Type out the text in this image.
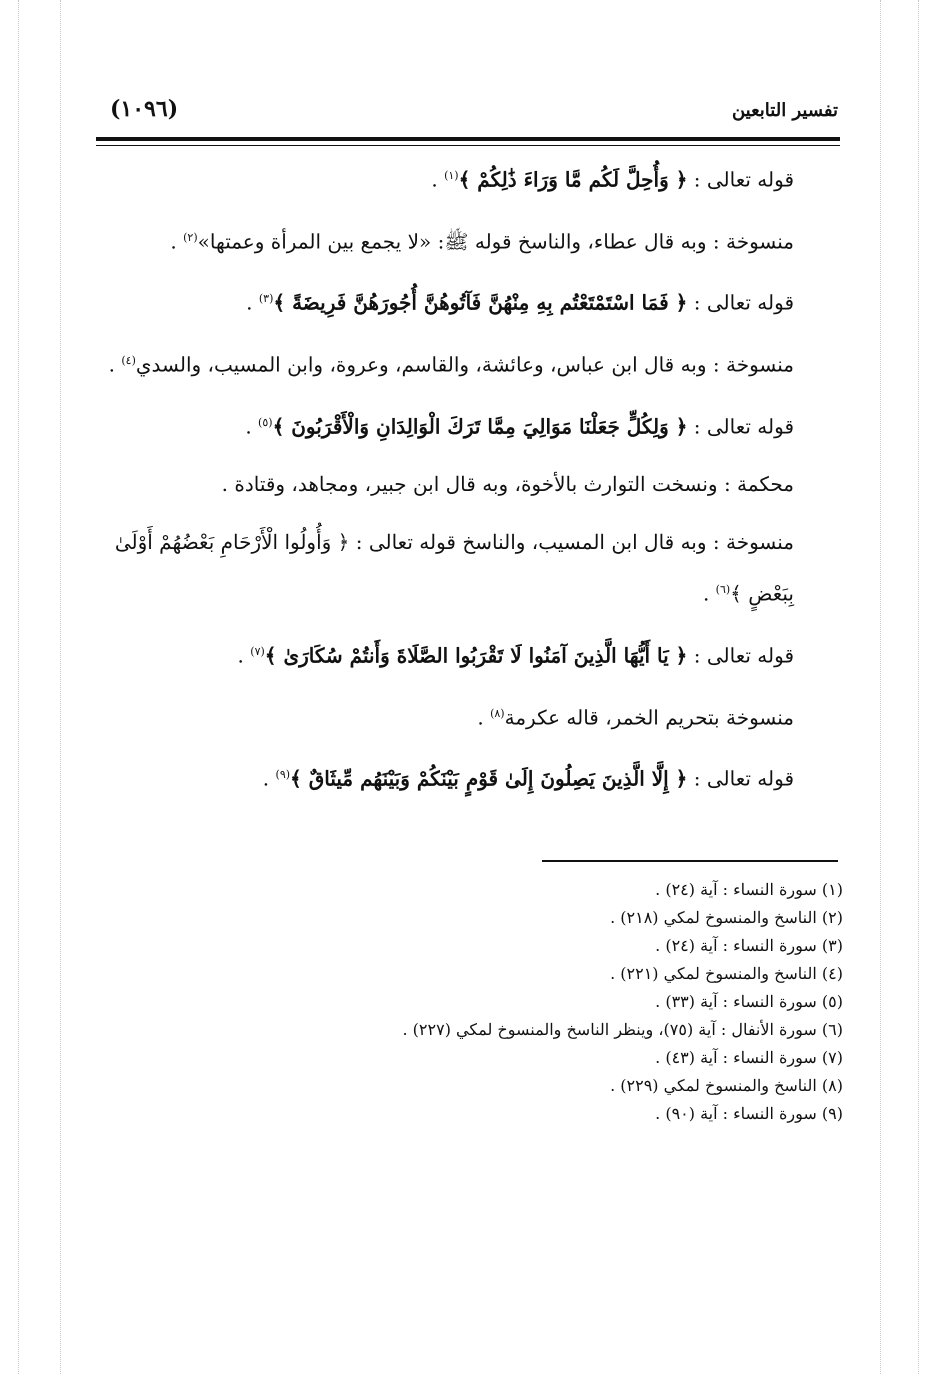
(١٠٩٦)	تفسير التابعين

قوله تعالى : ﴿ وَأُحِلَّ لَكُم مَّا وَرَاءَ ذَٰلِكُمْ ﴾$^{(١)}$ .

منسوخة : وبه قال عطاء، والناسخ قوله ﷺ: «لا يجمع بين المرأة وعمتها»$^{(٢)}$ .

قوله تعالى : ﴿ فَمَا اسْتَمْتَعْتُم بِهِ مِنْهُنَّ فَآتُوهُنَّ أُجُورَهُنَّ فَرِيضَةً ﴾$^{(٣)}$ .

منسوخة : وبه قال ابن عباس، وعائشة، والقاسم، وعروة، وابن المسيب، والسدي$^{(٤)}$ .

قوله تعالى : ﴿ وَلِكُلٍّ جَعَلْنَا مَوَالِيَ مِمَّا تَرَكَ الْوَالِدَانِ وَالْأَقْرَبُونَ ﴾$^{(٥)}$ .

محكمة : ونسخت التوارث بالأخوة، وبه قال ابن جبير، ومجاهد، وقتادة .

منسوخة : وبه قال ابن المسيب، والناسخ قوله تعالى : ﴿ وَأُولُوا الْأَرْحَامِ بَعْضُهُمْ أَوْلَىٰ بِبَعْضٍ ﴾$^{(٦)}$ .

قوله تعالى : ﴿ يَا أَيُّهَا الَّذِينَ آمَنُوا لَا تَقْرَبُوا الصَّلَاةَ وَأَنتُمْ سُكَارَىٰ ﴾$^{(٧)}$ .

منسوخة بتحريم الخمر، قاله عكرمة$^{(٨)}$ .

قوله تعالى : ﴿ إِلَّا الَّذِينَ يَصِلُونَ إِلَىٰ قَوْمٍ بَيْنَكُمْ وَبَيْنَهُم مِّيثَاقٌ ﴾$^{(٩)}$ .

(١) سورة النساء : آية (٢٤) .

(٢) الناسخ والمنسوخ لمكي (٢١٨) .

(٣) سورة النساء : آية (٢٤) .

(٤) الناسخ والمنسوخ لمكي (٢٢١) .

(٥) سورة النساء : آية (٣٣) .

(٦) سورة الأنفال : آية (٧٥)، وينظر الناسخ والمنسوخ لمكي (٢٢٧) .

(٧) سورة النساء : آية (٤٣) .

(٨) الناسخ والمنسوخ لمكي (٢٢٩) .

(٩) سورة النساء : آية (٩٠) .
